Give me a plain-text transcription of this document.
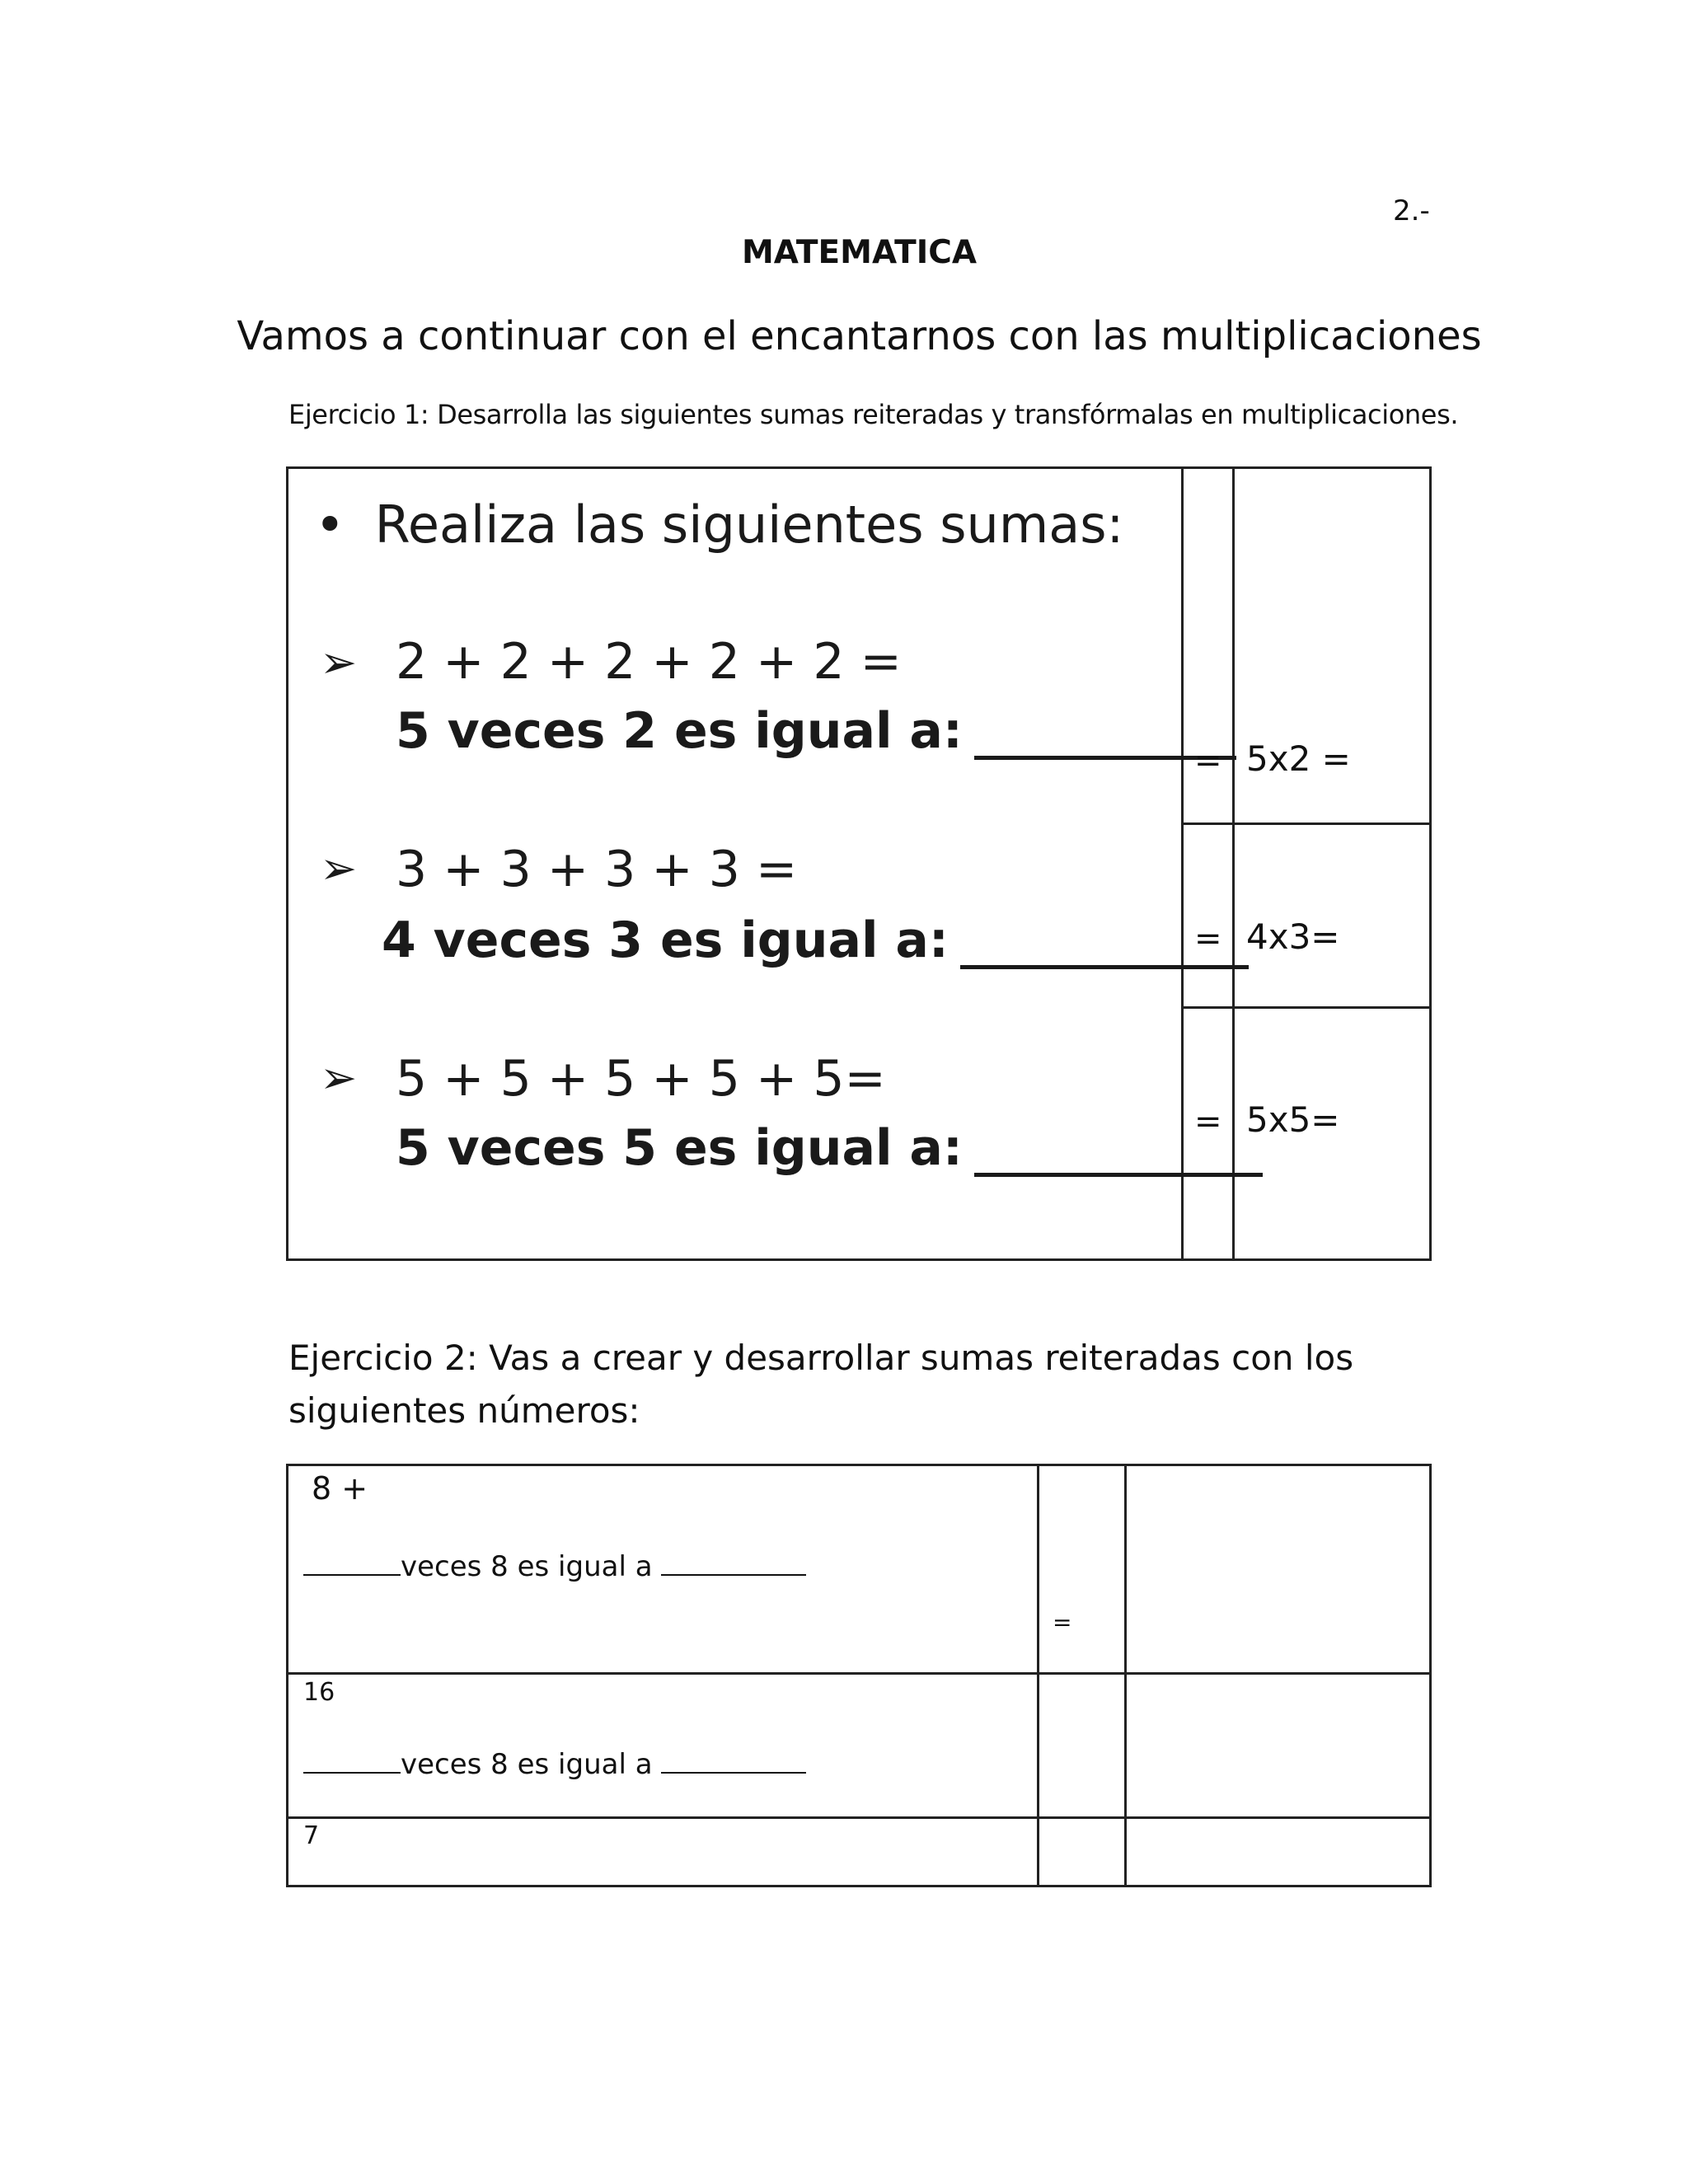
2.-
MATEMATICA
Vamos a continuar con el encantarnos con las multiplicaciones
Ejercicio 1: Desarrolla las siguientes sumas reiteradas y transfórmalas en multiplicaciones.
• Realiza las siguientes sumas:
➢ 2 + 2 + 2 + 2 + 2 =
5 veces 2 es igual a:
= 5x2 =
➢ 3 + 3 + 3 + 3 =
4 veces 3 es igual a:	= 4x3=
➢ 5 + 5 + 5 + 5 + 5=
5 veces 5 es igual a:	= 5x5=
Ejercicio 2: Vas a crear y desarrollar sumas reiteradas con los siguientes números:
8 +
veces 8 es igual a
=
16
veces 8 es igual a
7
